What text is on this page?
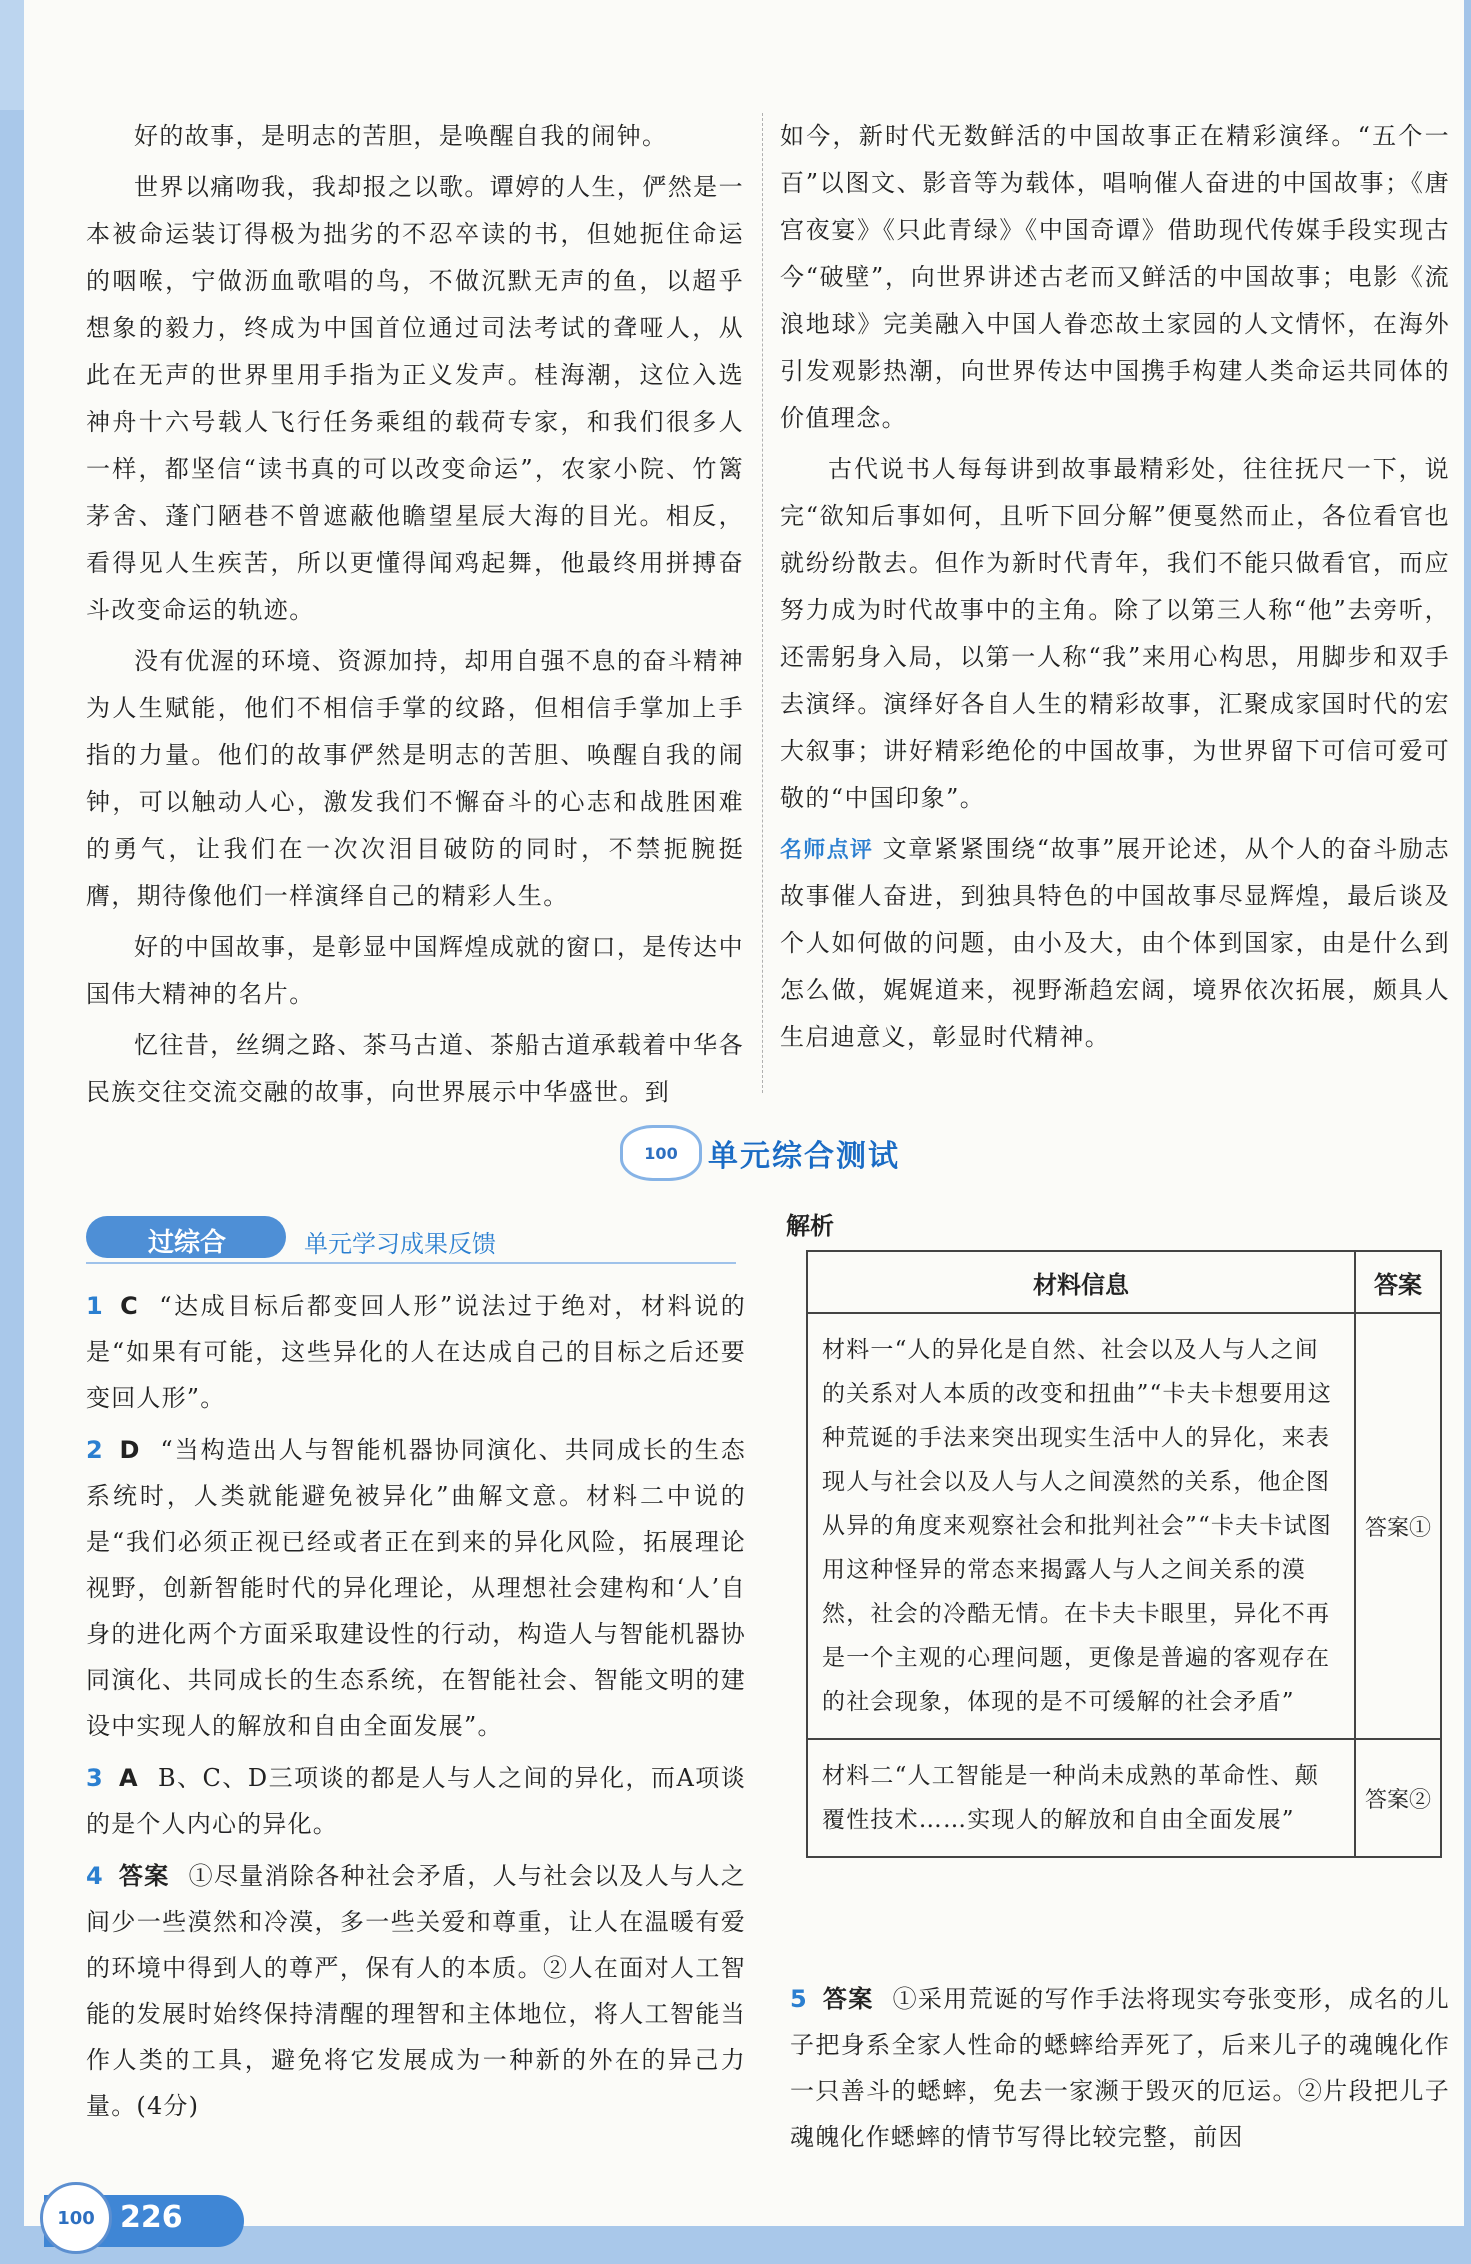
好的故事，是明志的苦胆，是唤醒自我的闹钟。

世界以痛吻我，我却报之以歌。谭婷的人生，俨然是一本被命运装订得极为拙劣的不忍卒读的书，但她扼住命运的咽喉，宁做沥血歌唱的鸟，不做沉默无声的鱼，以超乎想象的毅力，终成为中国首位通过司法考试的聋哑人，从此在无声的世界里用手指为正义发声。桂海潮，这位入选神舟十六号载人飞行任务乘组的载荷专家，和我们很多人一样，都坚信“读书真的可以改变命运”，农家小院、竹篱茅舍、蓬门陋巷不曾遮蔽他瞻望星辰大海的目光。相反，看得见人生疾苦，所以更懂得闻鸡起舞，他最终用拼搏奋斗改变命运的轨迹。

没有优渥的环境、资源加持，却用自强不息的奋斗精神为人生赋能，他们不相信手掌的纹路，但相信手掌加上手指的力量。他们的故事俨然是明志的苦胆、唤醒自我的闹钟，可以触动人心，激发我们不懈奋斗的心志和战胜困难的勇气，让我们在一次次泪目破防的同时，不禁扼腕挺膺，期待像他们一样演绎自己的精彩人生。

好的中国故事，是彰显中国辉煌成就的窗口，是传达中国伟大精神的名片。

忆往昔，丝绸之路、茶马古道、茶船古道承载着中华各民族交往交流交融的故事，向世界展示中华盛世。到

如今，新时代无数鲜活的中国故事正在精彩演绎。“五个一百”以图文、影音等为载体，唱响催人奋进的中国故事；《唐宫夜宴》《只此青绿》《中国奇谭》借助现代传媒手段实现古今“破壁”，向世界讲述古老而又鲜活的中国故事；电影《流浪地球》完美融入中国人眷恋故土家园的人文情怀，在海外引发观影热潮，向世界传达中国携手构建人类命运共同体的价值理念。

古代说书人每每讲到故事最精彩处，往往抚尺一下，说完“欲知后事如何，且听下回分解”便戛然而止，各位看官也就纷纷散去。但作为新时代青年，我们不能只做看官，而应努力成为时代故事中的主角。除了以第三人称“他”去旁听，还需躬身入局，以第一人称“我”来用心构思，用脚步和双手去演绎。演绎好各自人生的精彩故事，汇聚成家国时代的宏大叙事；讲好精彩绝伦的中国故事，为世界留下可信可爱可敬的“中国印象”。

名师点评 文章紧紧围绕“故事”展开论述，从个人的奋斗励志故事催人奋进，到独具特色的中国故事尽显辉煌，最后谈及个人如何做的问题，由小及大，由个体到国家，由是什么到怎么做，娓娓道来，视野渐趋宏阔，境界依次拓展，颇具人生启迪意义，彰显时代精神。

100 单元综合测试
过综合	单元学习成果反馈

1 C “达成目标后都变回人形”说法过于绝对，材料说的是“如果有可能，这些异化的人在达成自己的目标之后还要变回人形”。

2 D “当构造出人与智能机器协同演化、共同成长的生态系统时，人类就能避免被异化”曲解文意。材料二中说的是“我们必须正视已经或者正在到来的异化风险，拓展理论视野，创新智能时代的异化理论，从理想社会建构和‘人’自身的进化两个方面采取建设性的行动，构造人与智能机器协同演化、共同成长的生态系统，在智能社会、智能文明的建设中实现人的解放和自由全面发展”。

3 A B、C、D三项谈的都是人与人之间的异化，而A项谈的是个人内心的异化。

4 答案 ①尽量消除各种社会矛盾，人与社会以及人与人之间少一些漠然和冷漠，多一些关爱和尊重，让人在温暖有爱的环境中得到人的尊严，保有人的本质。②人在面对人工智能的发展时始终保持清醒的理智和主体地位，将人工智能当作人类的工具，避免将它发展成为一种新的外在的异己力量。(4分)

解析
材料信息	答案
材料一“人的异化是自然、社会以及人与人之间的关系对人本质的改变和扭曲”“卡夫卡想要用这种荒诞的手法来突出现实生活中人的异化，来表现人与社会以及人与人之间漠然的关系，他企图从异的角度来观察社会和批判社会”“卡夫卡试图用这种怪异的常态来揭露人与人之间关系的漠然，社会的冷酷无情。在卡夫卡眼里，异化不再是一个主观的心理问题，更像是普遍的客观存在的社会现象，体现的是不可缓解的社会矛盾”	答案①
材料二“人工智能是一种尚未成熟的革命性、颠覆性技术……实现人的解放和自由全面发展”	答案②

5 答案 ①采用荒诞的写作手法将现实夸张变形，成名的儿子把身系全家人性命的蟋蟀给弄死了，后来儿子的魂魄化作一只善斗的蟋蟀，免去一家濒于毁灭的厄运。②片段把儿子魂魄化作蟋蟀的情节写得比较完整，前因

100 226
